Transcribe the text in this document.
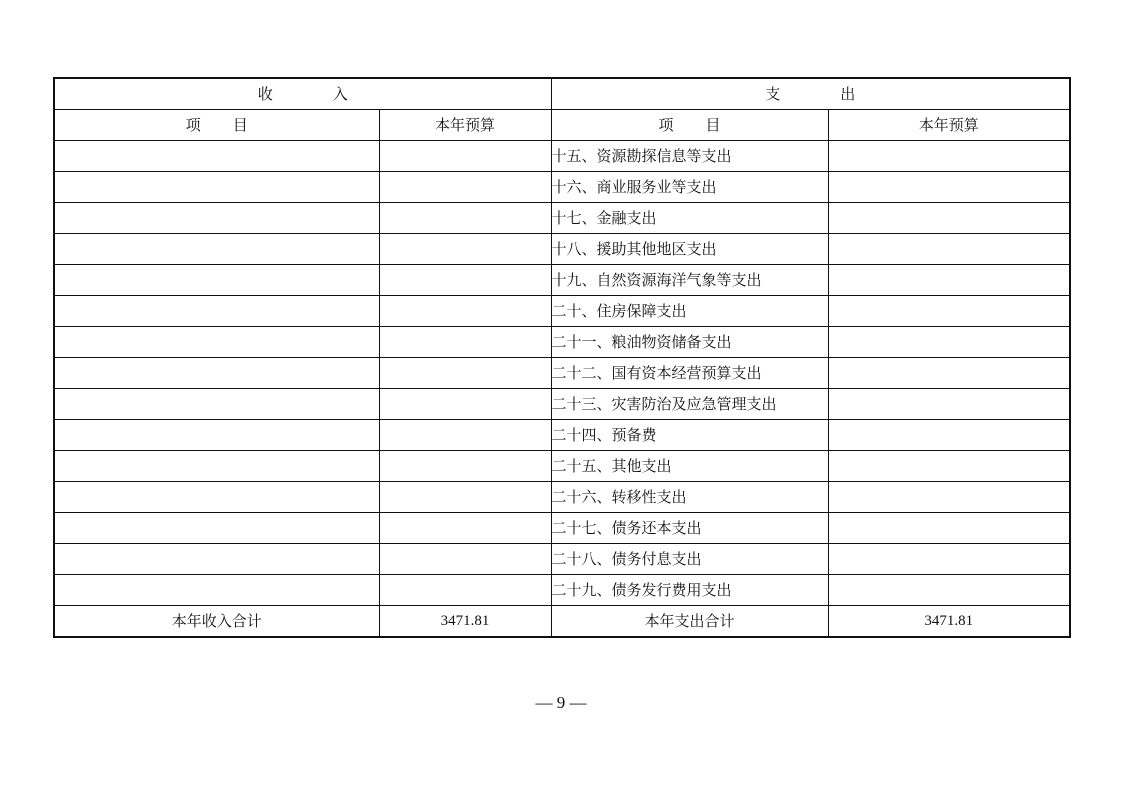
收 入		支 出	
项 目	本年预算	项 目	本年预算
		十五、资源勘探信息等支出	
		十六、商业服务业等支出	
		十七、金融支出	
		十八、援助其他地区支出	
		十九、自然资源海洋气象等支出	
		二十、住房保障支出	
		二十一、粮油物资储备支出	
		二十二、国有资本经营预算支出	
		二十三、灾害防治及应急管理支出	
		二十四、预备费	
		二十五、其他支出	
		二十六、转移性支出	
		二十七、债务还本支出	
		二十八、债务付息支出	
		二十九、债务发行费用支出	
本年收入合计	3471.81	本年支出合计	3471.81
— 9 —
